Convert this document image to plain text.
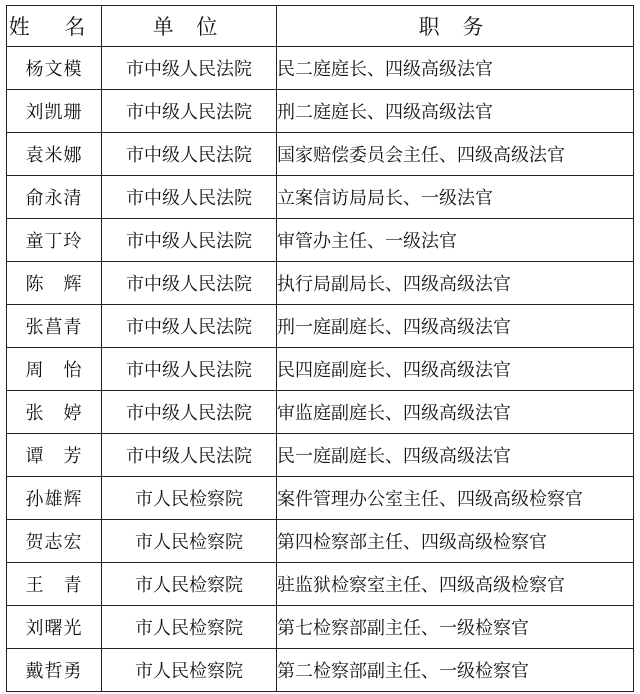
姓 名	单 位	职 务
杨文模	市中级人民法院	民二庭庭长、四级高级法官
刘凯珊	市中级人民法院	刑二庭庭长、四级高级法官
袁米娜	市中级人民法院	国家赔偿委员会主任、四级高级法官
俞永清	市中级人民法院	立案信访局局长、一级法官
童丁玲	市中级人民法院	审管办主任、一级法官
陈　辉	市中级人民法院	执行局副局长、四级高级法官
张菖青	市中级人民法院	刑一庭副庭长、四级高级法官
周　怡	市中级人民法院	民四庭副庭长、四级高级法官
张　婷	市中级人民法院	审监庭副庭长、四级高级法官
谭　芳	市中级人民法院	民一庭副庭长、四级高级法官
孙雄辉	市人民检察院	案件管理办公室主任、四级高级检察官
贺志宏	市人民检察院	第四检察部主任、四级高级检察官
王　青	市人民检察院	驻监狱检察室主任、四级高级检察官
刘曙光	市人民检察院	第七检察部副主任、一级检察官
戴哲勇	市人民检察院	第二检察部副主任、一级检察官
